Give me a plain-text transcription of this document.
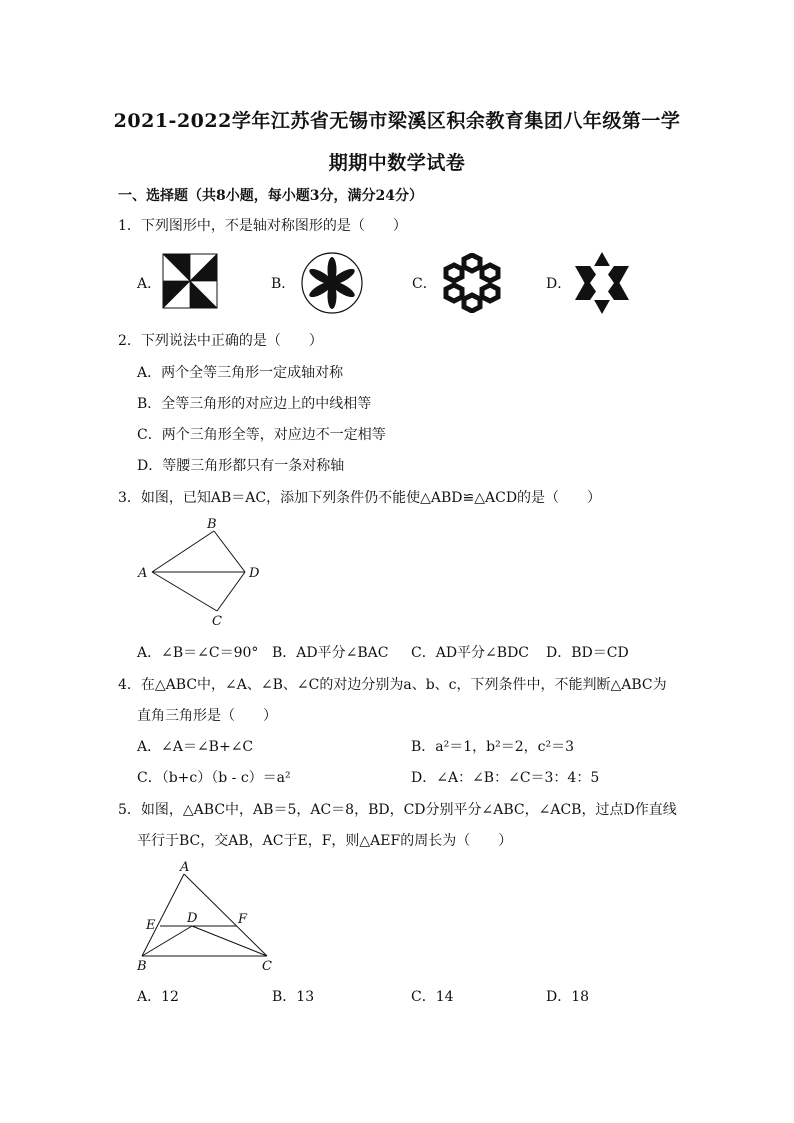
2021-2022学年江苏省无锡市梁溪区积余教育集团八年级第一学
期期中数学试卷
一、选择题（共8小题，每小题3分，满分24分）
1．下列图形中，不是轴对称图形的是（　　）
A．	B．	C．	D．
2．下列说法中正确的是（　　）
A．两个全等三角形一定成轴对称
B．全等三角形的对应边上的中线相等
C．两个三角形全等，对应边不一定相等
D．等腰三角形都只有一条对称轴
3．如图，已知AB＝AC，添加下列条件仍不能使△ABD≌△ACD的是（　　）
A
B
D
C
A．∠B＝∠C＝90° B．AD平分∠BAC C．AD平分∠BDC D．BD＝CD
4．在△ABC中，∠A、∠B、∠C的对边分别为a、b、c，下列条件中，不能判断△ABC为
直角三角形是（　　）
A．∠A＝∠B+∠C	B．a²＝1，b²＝2，c²＝3
C．（b+c）（b - c）＝a²	D．∠A：∠B：∠C＝3：4：5
5．如图，△ABC中，AB＝5，AC＝8，BD，CD分别平分∠ABC，∠ACB，过点D作直线
平行于BC，交AB，AC于E，F，则△AEF的周长为（　　）
A
E D	F
B	C
A．12	B．13	C．14	D．18
